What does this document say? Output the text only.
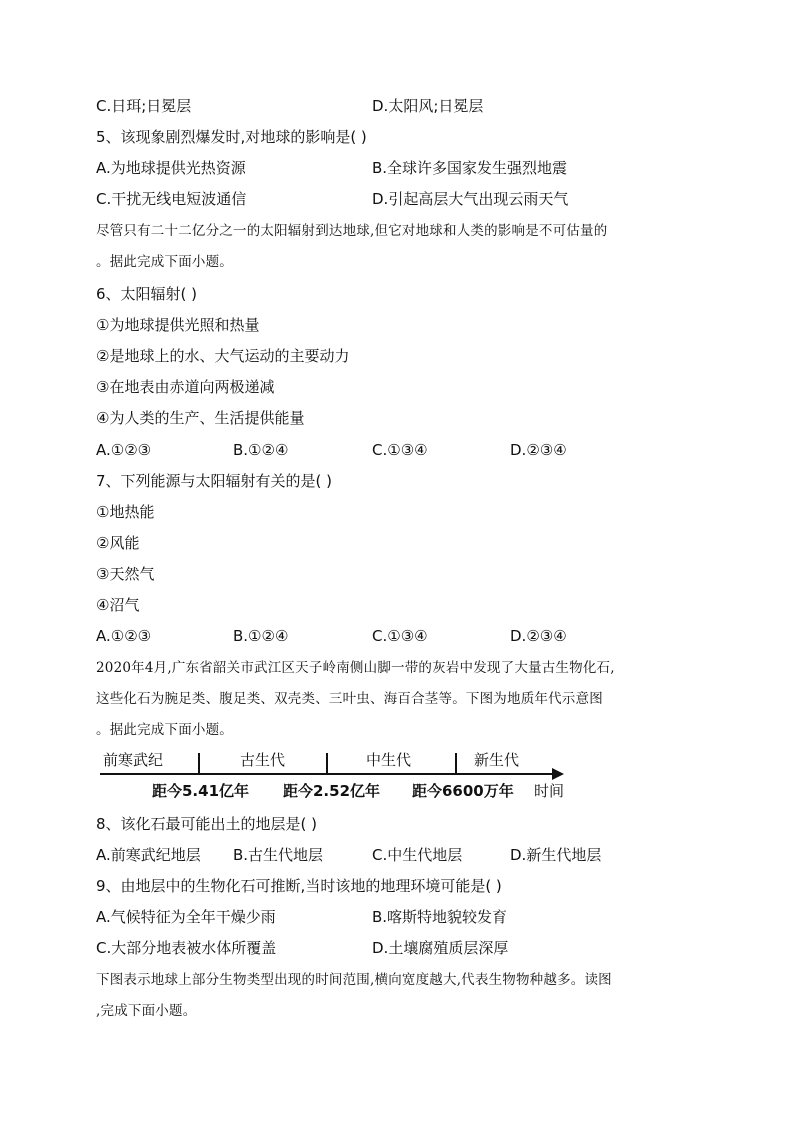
C.日珥;日冕层	D.太阳风;日冕层
5、该现象剧烈爆发时,对地球的影响是( )
A.为地球提供光热资源	B.全球许多国家发生强烈地震
C.干扰无线电短波通信	D.引起高层大气出现云雨天气
尽管只有二十二亿分之一的太阳辐射到达地球,但它对地球和人类的影响是不可估量的
。据此完成下面小题。
6、太阳辐射( )
①为地球提供光照和热量
②是地球上的水、大气运动的主要动力
③在地表由赤道向两极递减
④为人类的生产、生活提供能量
A.①②③	B.①②④	C.①③④	D.②③④
7、下列能源与太阳辐射有关的是( )
①地热能
②风能
③天然气
④沼气
A.①②③	B.①②④	C.①③④	D.②③④
2020年4月,广东省韶关市武江区天子岭南侧山脚一带的灰岩中发现了大量古生物化石,
这些化石为腕足类、腹足类、双壳类、三叶虫、海百合茎等。下图为地质年代示意图
。据此完成下面小题。
前寒武纪	古生代	中生代	新生代
距今5.41亿年 距今2.52亿年 距今6600万年 时间
8、该化石最可能出土的地层是( )
A.前寒武纪地层 B.古生代地层	C.中生代地层	D.新生代地层
9、由地层中的生物化石可推断,当时该地的地理环境可能是( )
A.气候特征为全年干燥少雨	B.喀斯特地貌较发育
C.大部分地表被水体所覆盖	D.土壤腐殖质层深厚
下图表示地球上部分生物类型出现的时间范围,横向宽度越大,代表生物物种越多。读图
,完成下面小题。
